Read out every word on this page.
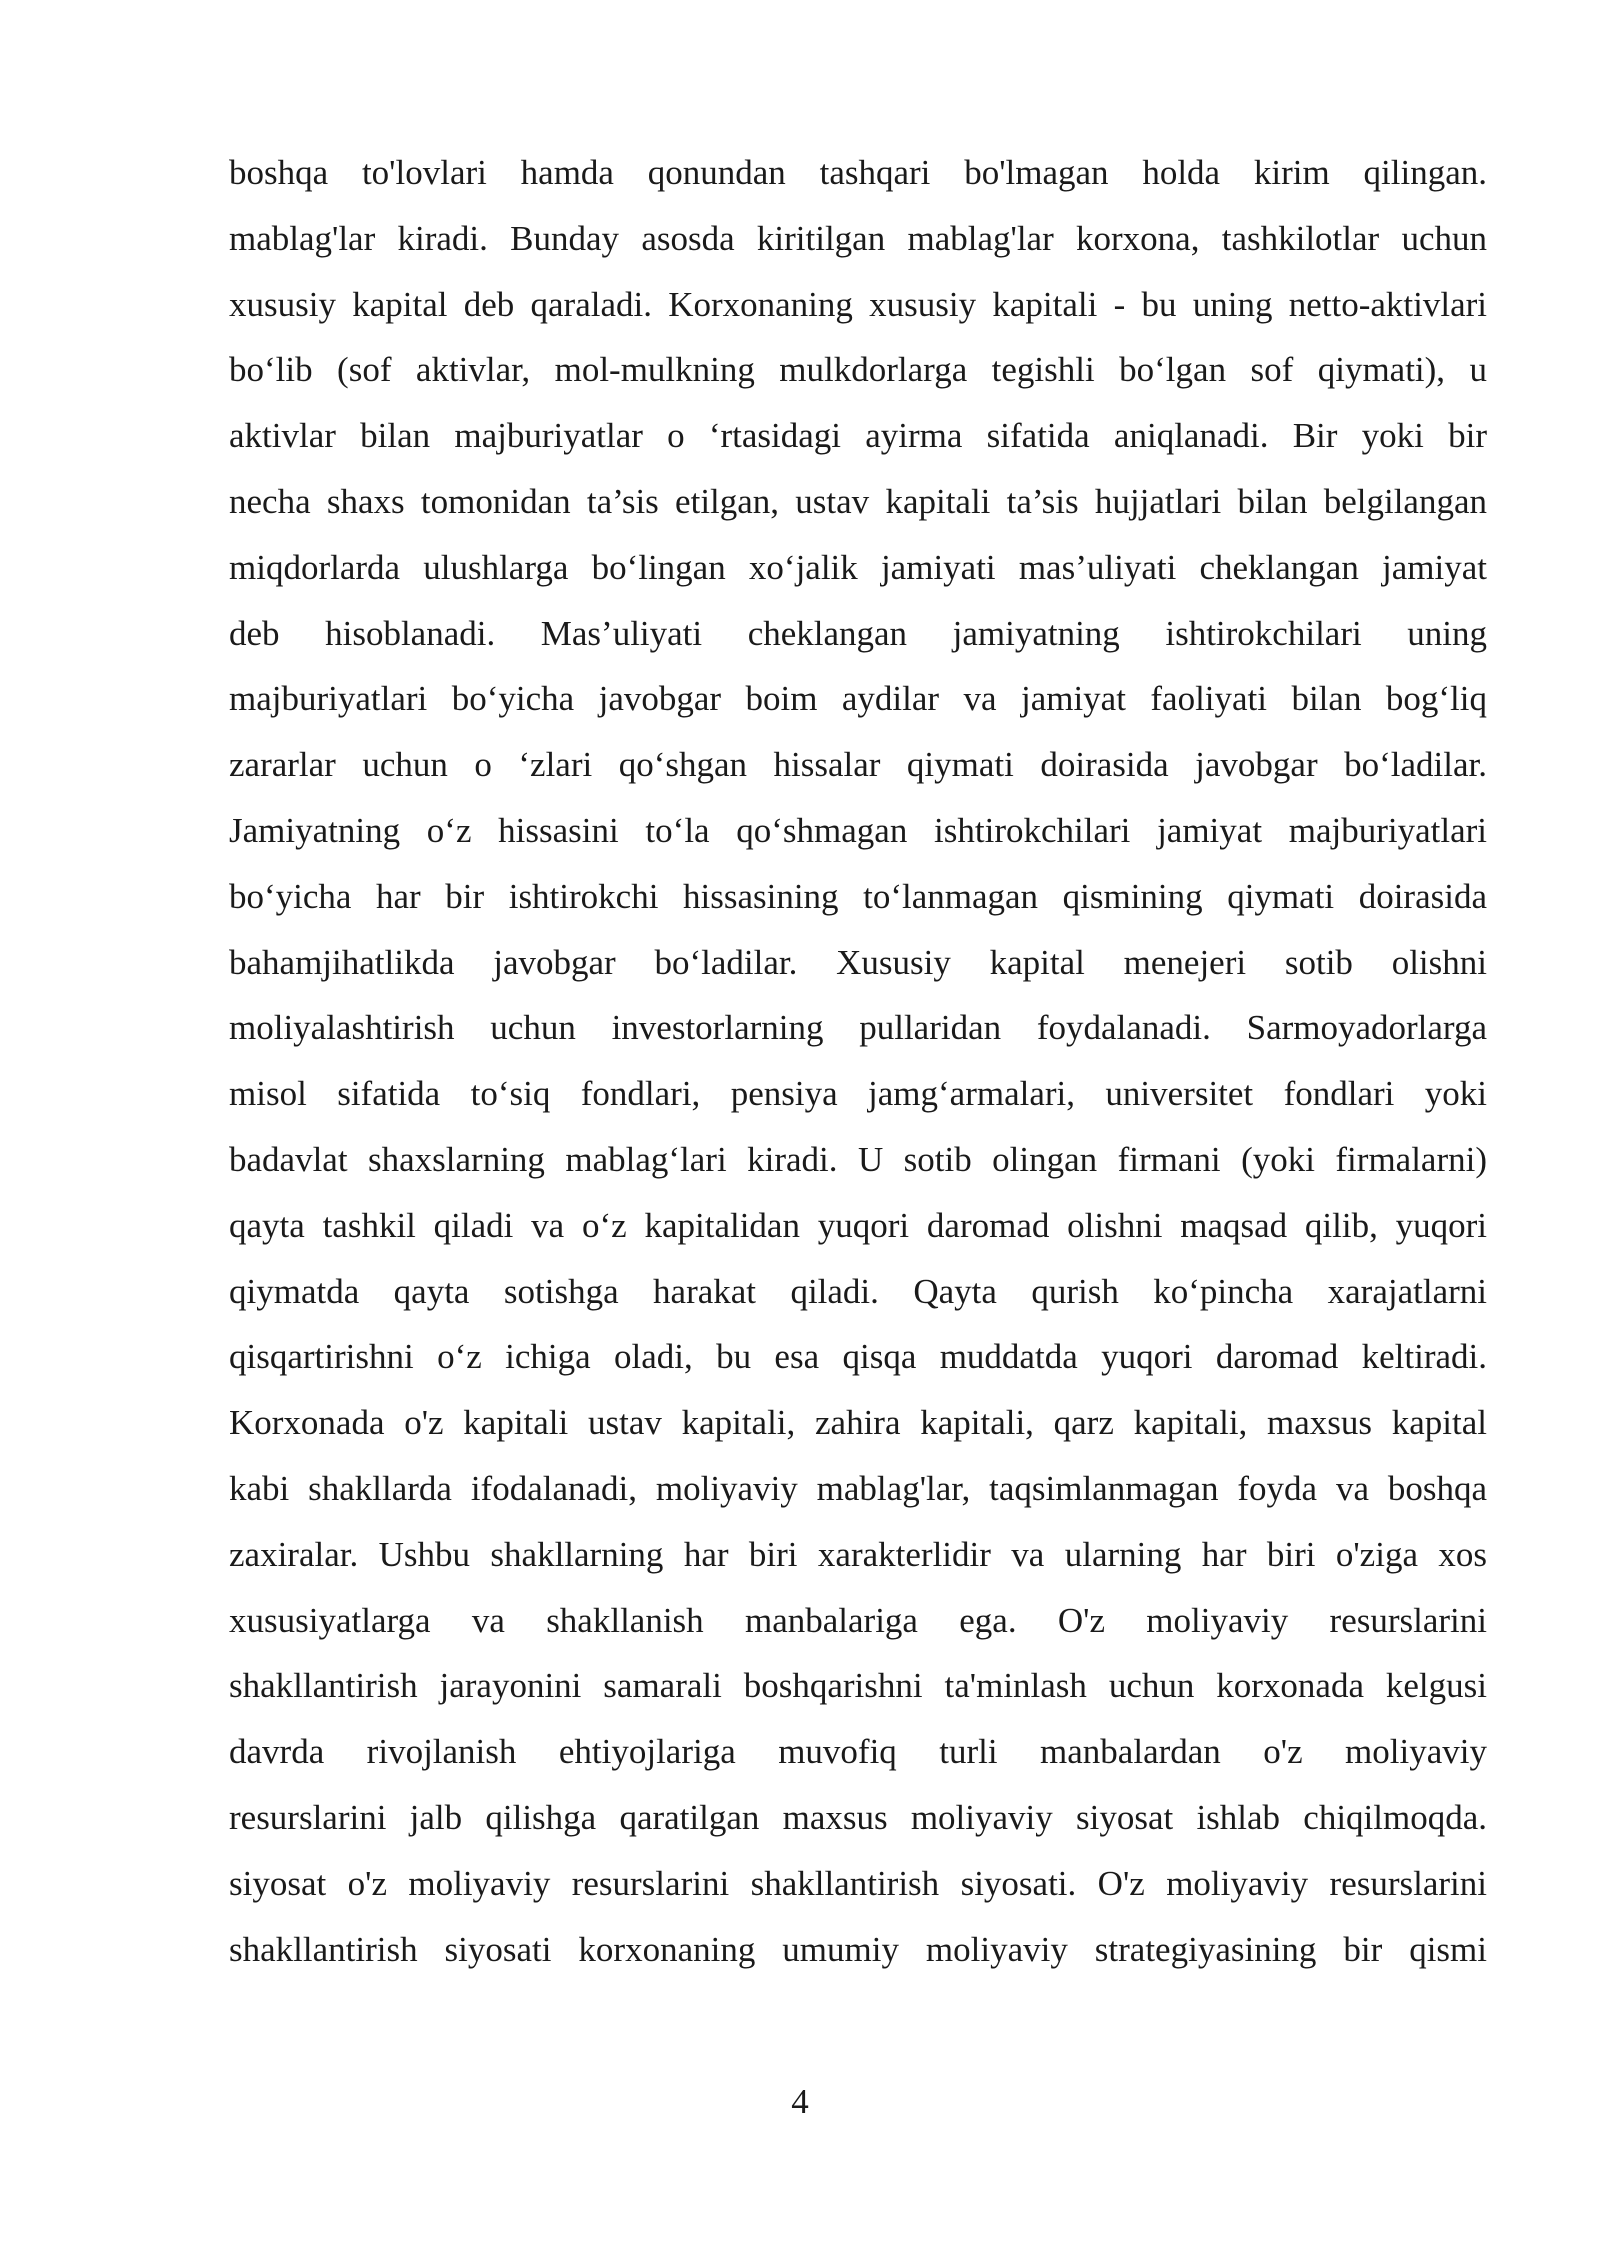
boshqa to'lovlari hamda qonundan tashqari bo'lmagan holda kirim qilingan.
mablag'lar kiradi. Bunday asosda kiritilgan mablag'lar korxona, tashkilotlar uchun
xususiy kapital deb qaraladi. Korxonaning xususiy kapitali - bu uning netto-aktivlari
bo‘lib (sof aktivlar, mol-mulkning mulkdorlarga tegishli bo‘lgan sof qiymati), u
aktivlar bilan majburiyatlar o ‘rtasidagi ayirma sifatida aniqlanadi. Bir yoki bir
necha shaxs tomonidan ta’sis etilgan, ustav kapitali ta’sis hujjatlari bilan belgilangan
miqdorlarda ulushlarga bo‘lingan xo‘jalik jamiyati mas’uliyati cheklangan jamiyat
deb hisoblanadi. Mas’uliyati cheklangan jamiyatning ishtirokchilari uning
majburiyatlari bo‘yicha javobgar boim aydilar va jamiyat faoliyati bilan bog‘liq
zararlar uchun o ‘zlari qo‘shgan hissalar qiymati doirasida javobgar bo‘ladilar.
Jamiyatning o‘z hissasini to‘la qo‘shmagan ishtirokchilari jamiyat majburiyatlari
bo‘yicha har bir ishtirokchi hissasining to‘lanmagan qismining qiymati doirasida
bahamjihatlikda javobgar bo‘ladilar. Xususiy kapital menejeri sotib olishni
moliyalashtirish uchun investorlarning pullaridan foydalanadi. Sarmoyadorlarga
misol sifatida to‘siq fondlari, pensiya jamg‘armalari, universitet fondlari yoki
badavlat shaxslarning mablag‘lari kiradi. U sotib olingan firmani (yoki firmalarni)
qayta tashkil qiladi va o‘z kapitalidan yuqori daromad olishni maqsad qilib, yuqori
qiymatda qayta sotishga harakat qiladi. Qayta qurish ko‘pincha xarajatlarni
qisqartirishni o‘z ichiga oladi, bu esa qisqa muddatda yuqori daromad keltiradi.
Korxonada o'z kapitali ustav kapitali, zahira kapitali, qarz kapitali, maxsus kapital
kabi shakllarda ifodalanadi, moliyaviy mablag'lar, taqsimlanmagan foyda va boshqa
zaxiralar. Ushbu shakllarning har biri xarakterlidir va ularning har biri o'ziga xos
xususiyatlarga va shakllanish manbalariga ega. O'z moliyaviy resurslarini
shakllantirish jarayonini samarali boshqarishni ta'minlash uchun korxonada kelgusi
davrda rivojlanish ehtiyojlariga muvofiq turli manbalardan o'z moliyaviy
resurslarini jalb qilishga qaratilgan maxsus moliyaviy siyosat ishlab chiqilmoqda.
siyosat o'z moliyaviy resurslarini shakllantirish siyosati. O'z moliyaviy resurslarini
shakllantirish siyosati korxonaning umumiy moliyaviy strategiyasining bir qismi
4
